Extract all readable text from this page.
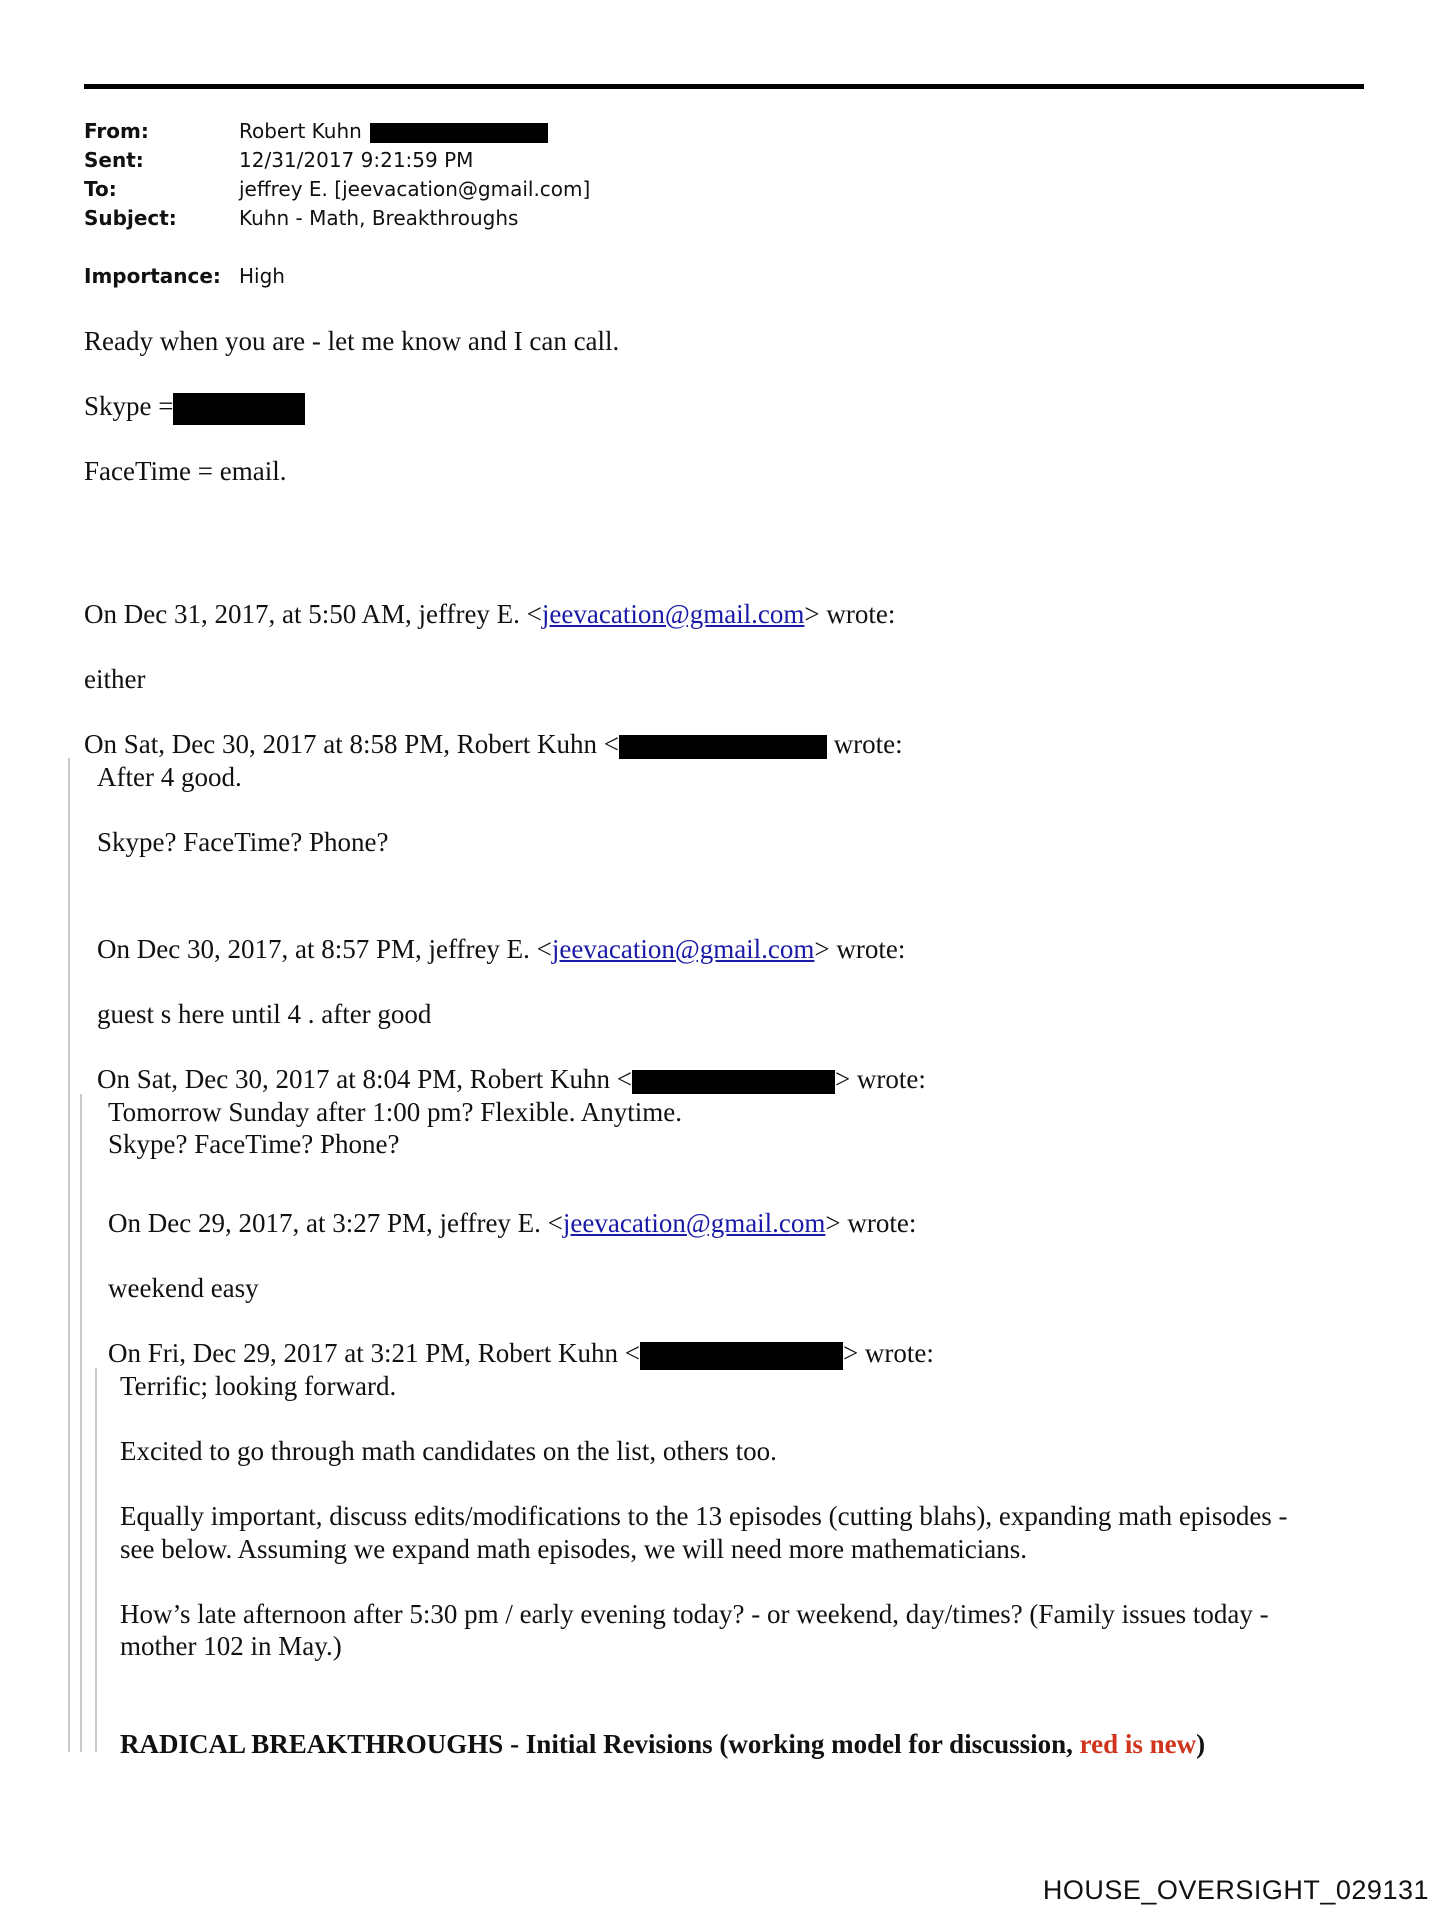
From:	Robert Kuhn
Sent:	12/31/2017 9:21:59 PM
To:	jeffrey E. [jeevacation@gmail.com]
Subject:	Kuhn - Math, Breakthroughs
Importance: High
Ready when you are - let me know and I can call.
Skype =
FaceTime = email.
On Dec 31, 2017, at 5:50 AM, jeffrey E. <jeevacation@gmail.com> wrote:
either
On Sat, Dec 30, 2017 at 8:58 PM, Robert Kuhn <	wrote:
After 4 good.
Skype? FaceTime? Phone?
On Dec 30, 2017, at 8:57 PM, jeffrey E. <jeevacation@gmail.com> wrote:
guest s here until 4 . after good
On Sat, Dec 30, 2017 at 8:04 PM, Robert Kuhn <	> wrote:
Tomorrow Sunday after 1:00 pm? Flexible. Anytime.
Skype? FaceTime? Phone?
On Dec 29, 2017, at 3:27 PM, jeffrey E. <jeevacation@gmail.com> wrote:
weekend easy
On Fri, Dec 29, 2017 at 3:21 PM, Robert Kuhn <	> wrote:
Terrific; looking forward.
Excited to go through math candidates on the list, others too.
Equally important, discuss edits/modifications to the 13 episodes (cutting blahs), expanding math episodes -
see below. Assuming we expand math episodes, we will need more mathematicians.
How’s late afternoon after 5:30 pm / early evening today? - or weekend, day/times? (Family issues today -
mother 102 in May.)
RADICAL BREAKTHROUGHS - Initial Revisions (working model for discussion, red is new)
HOUSE_OVERSIGHT_029131
